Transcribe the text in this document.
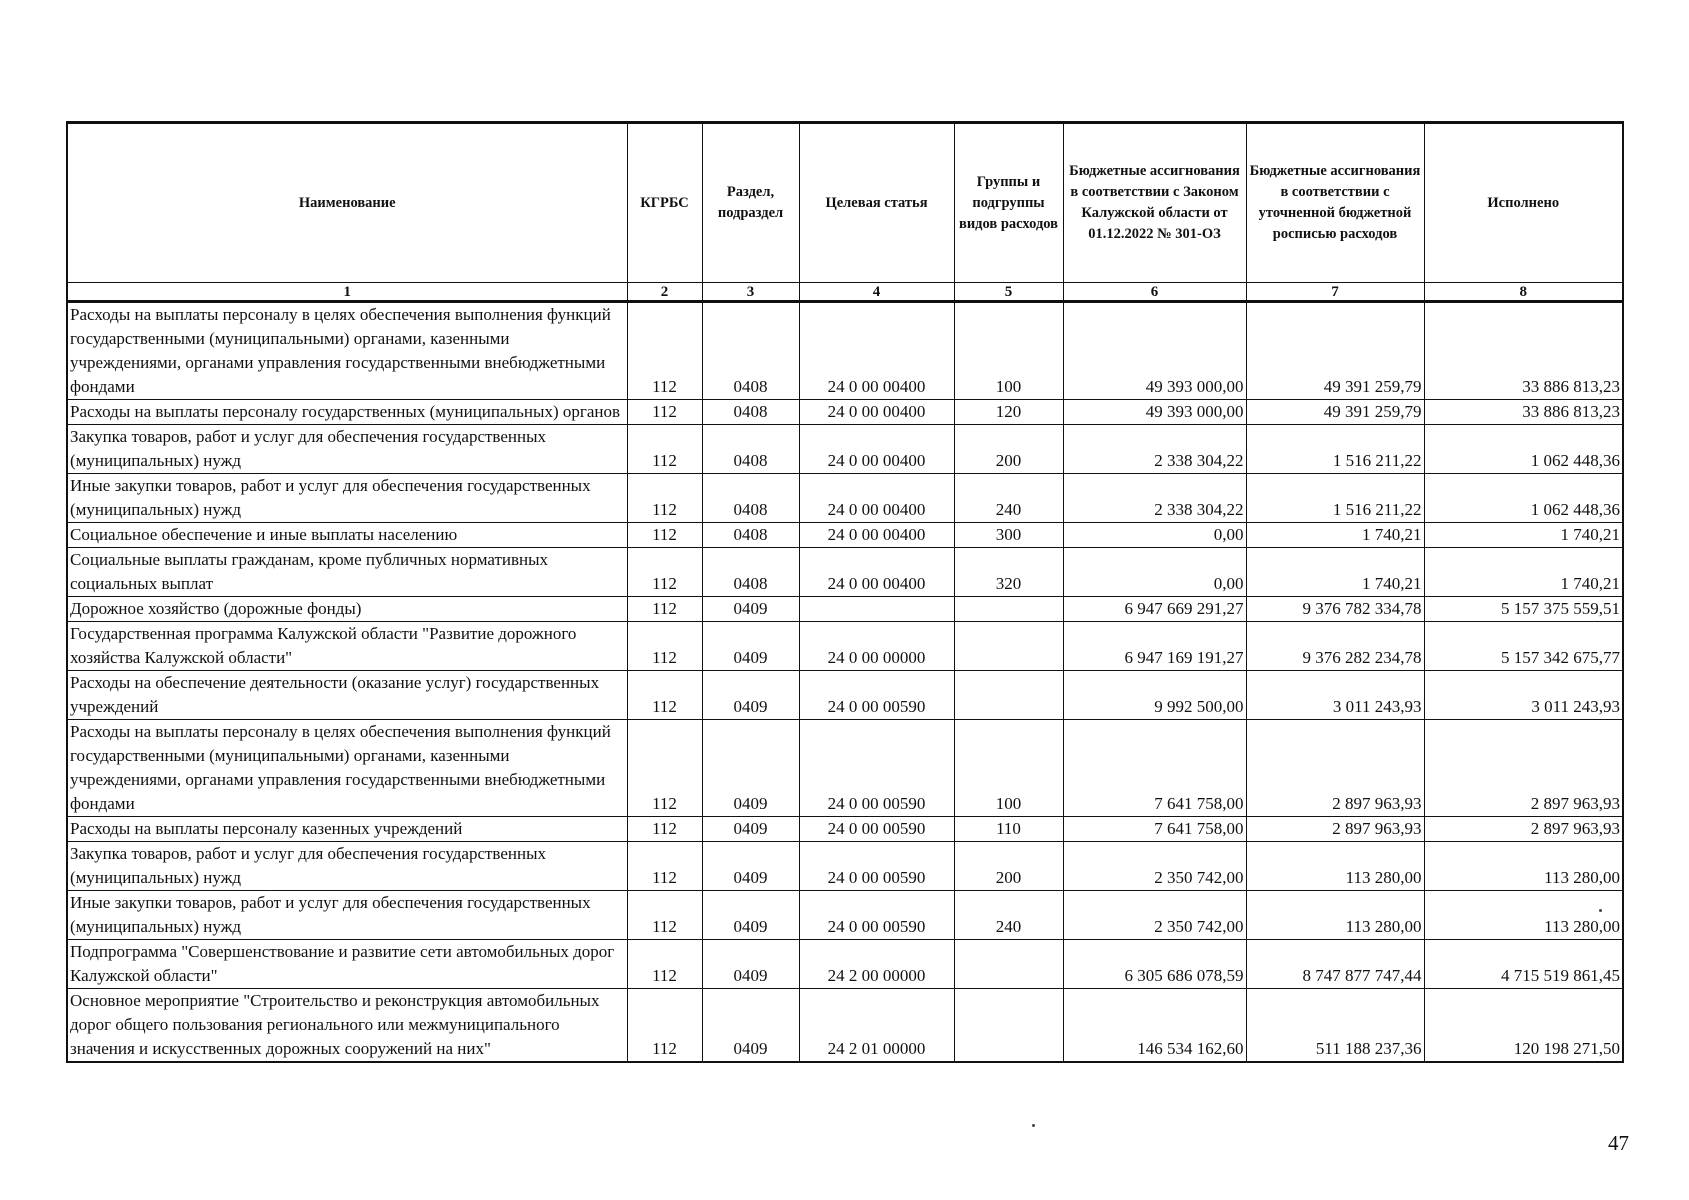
Наименование	КГРБС	Раздел, подраздел	Целевая статья	Группы и подгруппы видов расходов	Бюджетные ассигнования в соответствии с Законом Калужской области от 01.12.2022 № 301-ОЗ	Бюджетные ассигнования в соответствии с уточненной бюджетной росписью расходов	Исполнено
1	2	3	4	5	6	7	8
Расходы на выплаты персоналу в целях обеспечения выполнения функций государственными (муниципальными) органами, казенными учреждениями, органами управления государственными внебюджетными фондами	112	0408	24 0 00 00400	100	49 393 000,00	49 391 259,79	33 886 813,23
Расходы на выплаты персоналу государственных (муниципальных) органов	112	0408	24 0 00 00400	120	49 393 000,00	49 391 259,79	33 886 813,23
Закупка товаров, работ и услуг для обеспечения государственных (муниципальных) нужд	112	0408	24 0 00 00400	200	2 338 304,22	1 516 211,22	1 062 448,36
Иные закупки товаров, работ и услуг для обеспечения государственных (муниципальных) нужд	112	0408	24 0 00 00400	240	2 338 304,22	1 516 211,22	1 062 448,36
Социальное обеспечение и иные выплаты населению	112	0408	24 0 00 00400	300	0,00	1 740,21	1 740,21
Социальные выплаты гражданам, кроме публичных нормативных социальных выплат	112	0408	24 0 00 00400	320	0,00	1 740,21	1 740,21
Дорожное хозяйство (дорожные фонды)	112	0409			6 947 669 291,27	9 376 782 334,78	5 157 375 559,51
Государственная программа Калужской области "Развитие дорожного хозяйства Калужской области"	112	0409	24 0 00 00000		6 947 169 191,27	9 376 282 234,78	5 157 342 675,77
Расходы на обеспечение деятельности (оказание услуг) государственных учреждений	112	0409	24 0 00 00590		9 992 500,00	3 011 243,93	3 011 243,93
Расходы на выплаты персоналу в целях обеспечения выполнения функций государственными (муниципальными) органами, казенными учреждениями, органами управления государственными внебюджетными фондами	112	0409	24 0 00 00590	100	7 641 758,00	2 897 963,93	2 897 963,93
Расходы на выплаты персоналу казенных учреждений	112	0409	24 0 00 00590	110	7 641 758,00	2 897 963,93	2 897 963,93
Закупка товаров, работ и услуг для обеспечения государственных (муниципальных) нужд	112	0409	24 0 00 00590	200	2 350 742,00	113 280,00	113 280,00
Иные закупки товаров, работ и услуг для обеспечения государственных (муниципальных) нужд	112	0409	24 0 00 00590	240	2 350 742,00	113 280,00	113 280,00
Подпрограмма "Совершенствование и развитие сети автомобильных дорог Калужской области"	112	0409	24 2 00 00000		6 305 686 078,59	8 747 877 747,44	4 715 519 861,45
Основное мероприятие "Строительство и реконструкция автомобильных дорог общего пользования регионального или межмуниципального значения и искусственных дорожных сооружений на них"	112	0409	24 2 01 00000		146 534 162,60	511 188 237,36	120 198 271,50
47
